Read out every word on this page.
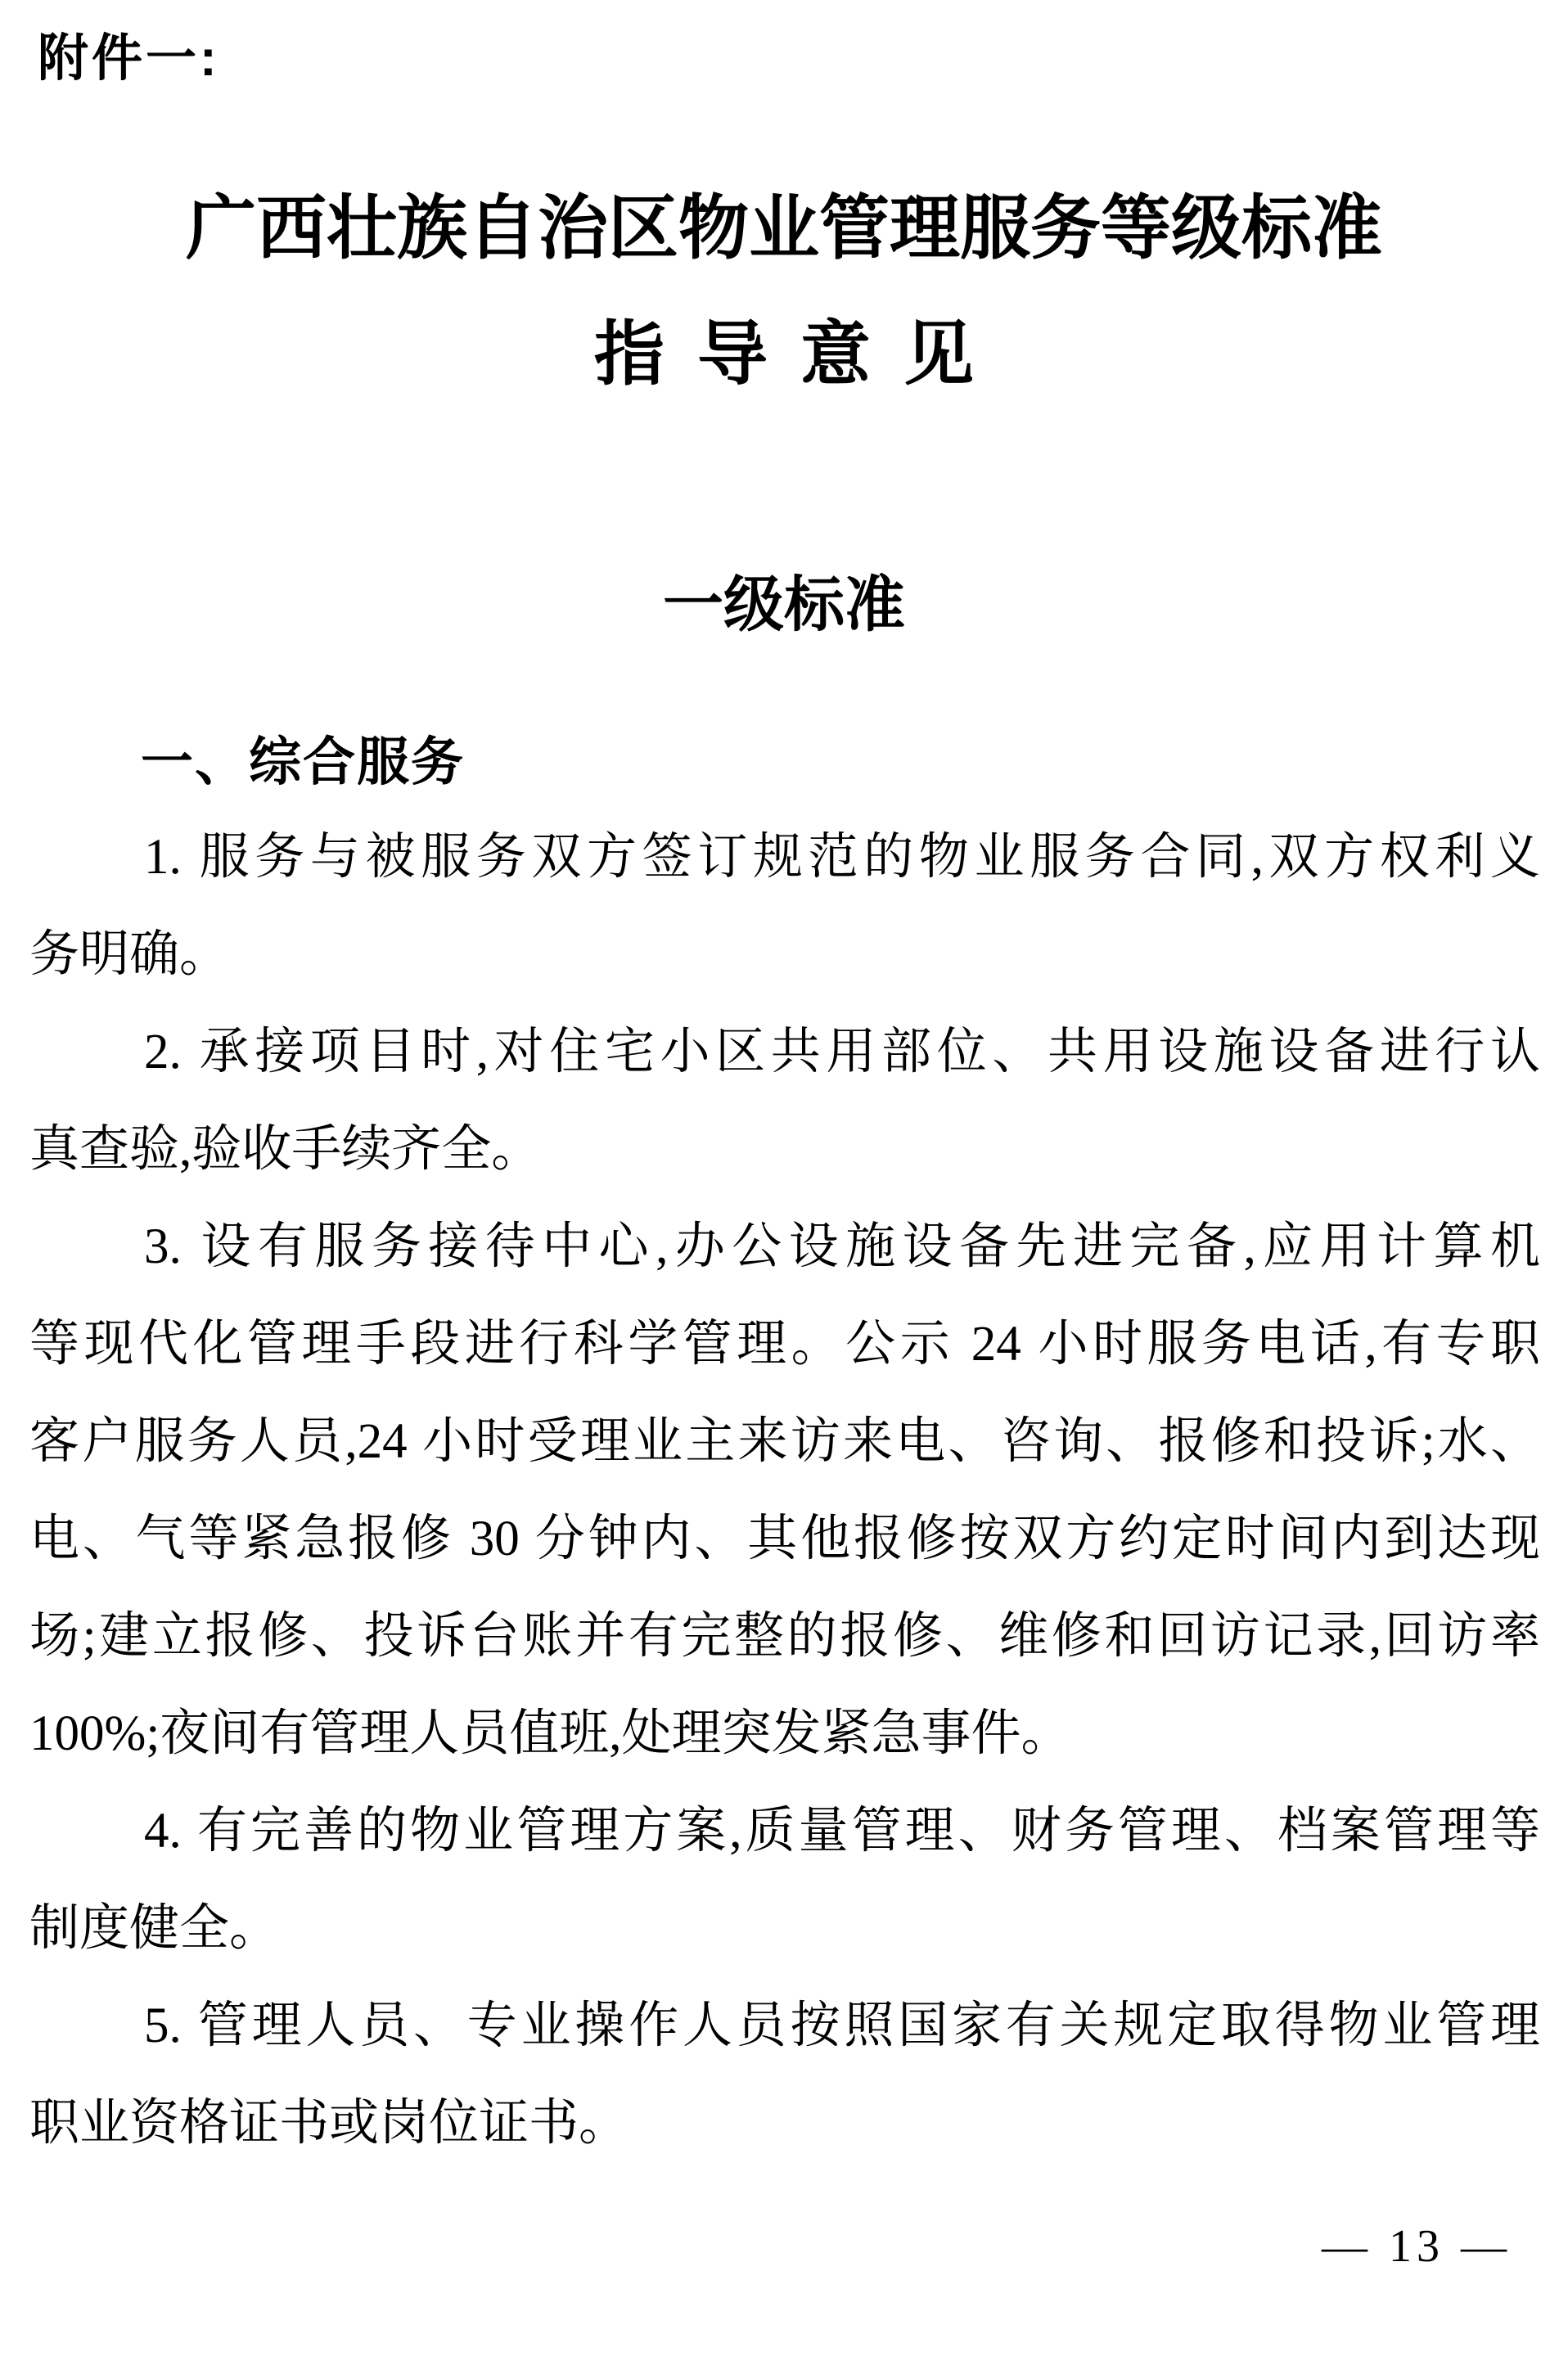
附件一:
广西壮族自治区物业管理服务等级标准
指导意见
一级标准
一、综合服务
1. 服务与被服务双方签订规范的物业服务合同,双方权利义
务明确。
2. 承接项目时,对住宅小区共用部位、共用设施设备进行认
真查验,验收手续齐全。
3. 设有服务接待中心,办公设施设备先进完备,应用计算机
等现代化管理手段进行科学管理。公示 24 小时服务电话,有专职
客户服务人员,24 小时受理业主来访来电、咨询、报修和投诉;水、
电、气等紧急报修 30 分钟内、其他报修按双方约定时间内到达现
场;建立报修、投诉台账并有完整的报修、维修和回访记录,回访率
100%;夜间有管理人员值班,处理突发紧急事件。
4. 有完善的物业管理方案,质量管理、财务管理、档案管理等
制度健全。
5. 管理人员、专业操作人员按照国家有关规定取得物业管理
职业资格证书或岗位证书。
— 13 —
